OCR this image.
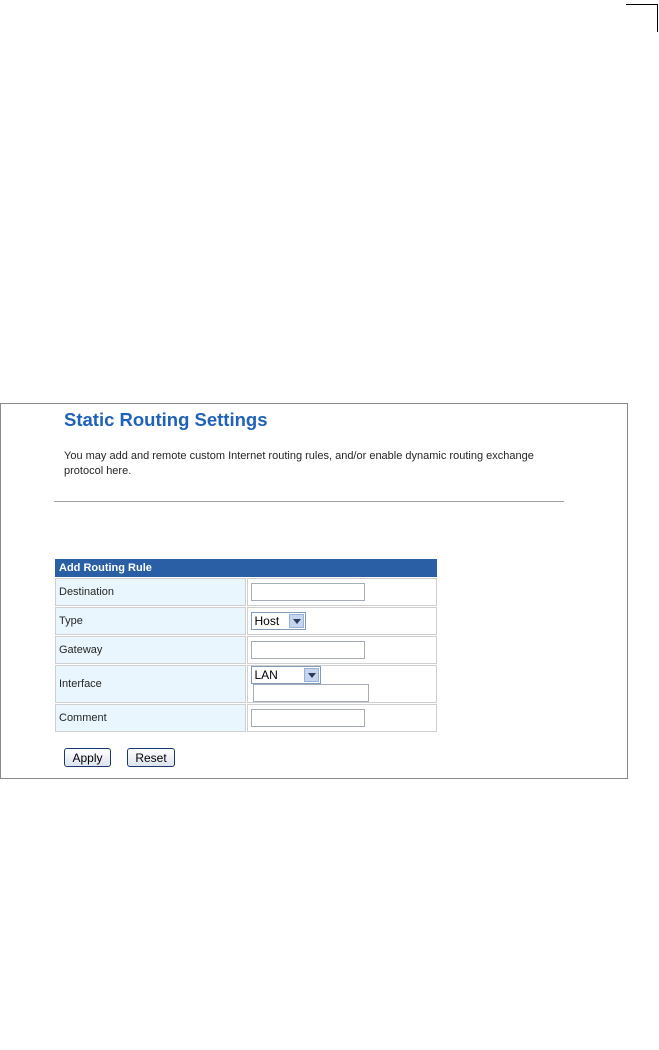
Static Routing Settings

You may add and remote custom Internet routing rules, and/or enable dynamic routing exchange protocol here.

Add Routing Rule	
Destination	
Type	Host

Gateway	
Interface	LAN

Comment	
Apply	Reset
